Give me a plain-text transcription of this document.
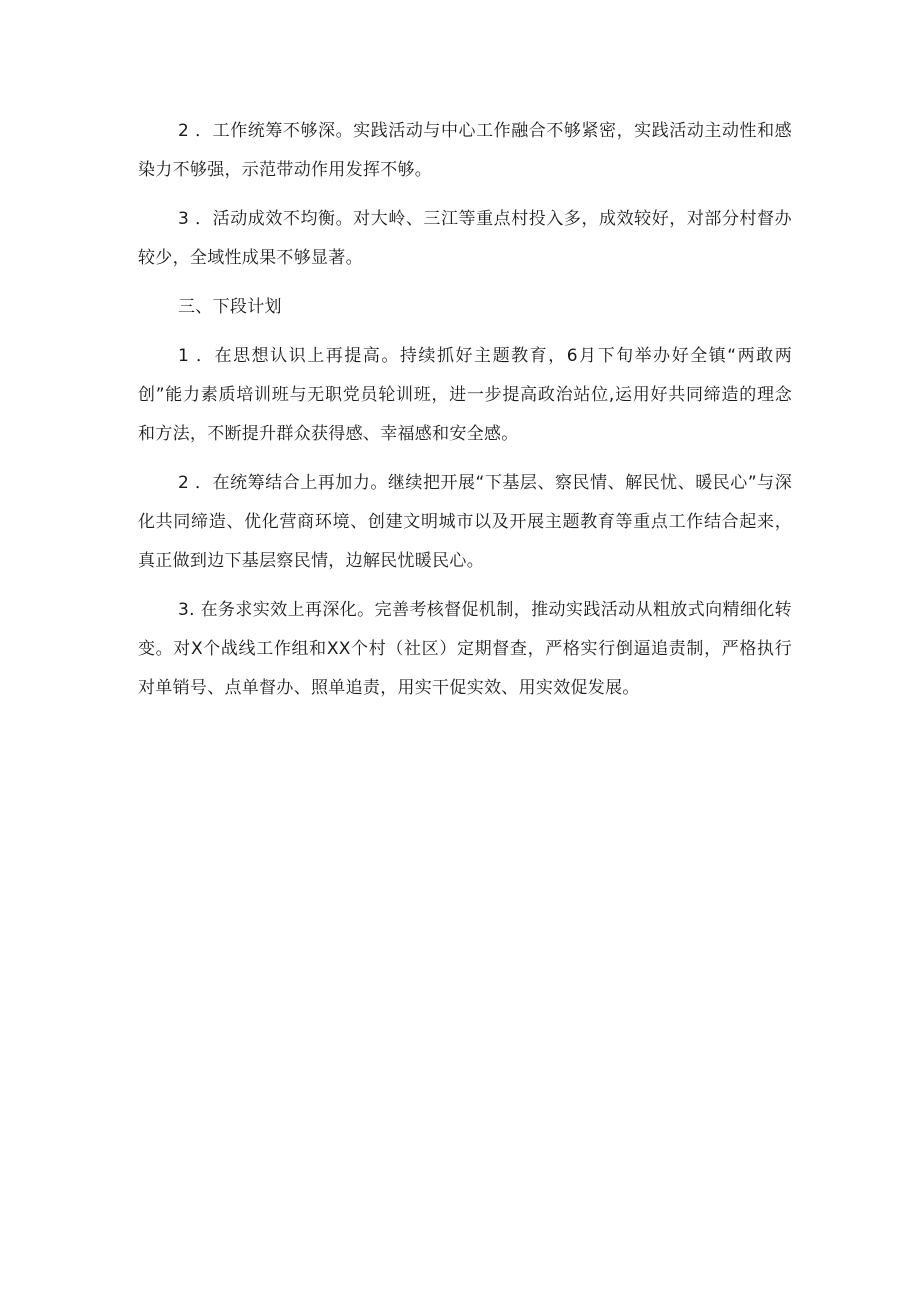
2 ．工作统筹不够深。实践活动与中心工作融合不够紧密，实践活动主动性和感染力不够强，示范带动作用发挥不够。

3 ．活动成效不均衡。对大岭、三江等重点村投入多，成效较好，对部分村督办较少，全域性成果不够显著。

三、下段计划

1 ．在思想认识上再提高。持续抓好主题教育，6月下旬举办好全镇“两敢两创”能力素质培训班与无职党员轮训班，进一步提高政治站位,运用好共同缔造的理念和方法，不断提升群众获得感、幸福感和安全感。

2 ．在统筹结合上再加力。继续把开展“下基层、察民情、解民忧、暖民心”与深化共同缔造、优化营商环境、创建文明城市以及开展主题教育等重点工作结合起来，真正做到边下基层察民情，边解民忧暖民心。

3. 在务求实效上再深化。完善考核督促机制，推动实践活动从粗放式向精细化转变。对X个战线工作组和XX个村（社区）定期督查，严格实行倒逼追责制，严格执行对单销号、点单督办、照单追责，用实干促实效、用实效促发展。
